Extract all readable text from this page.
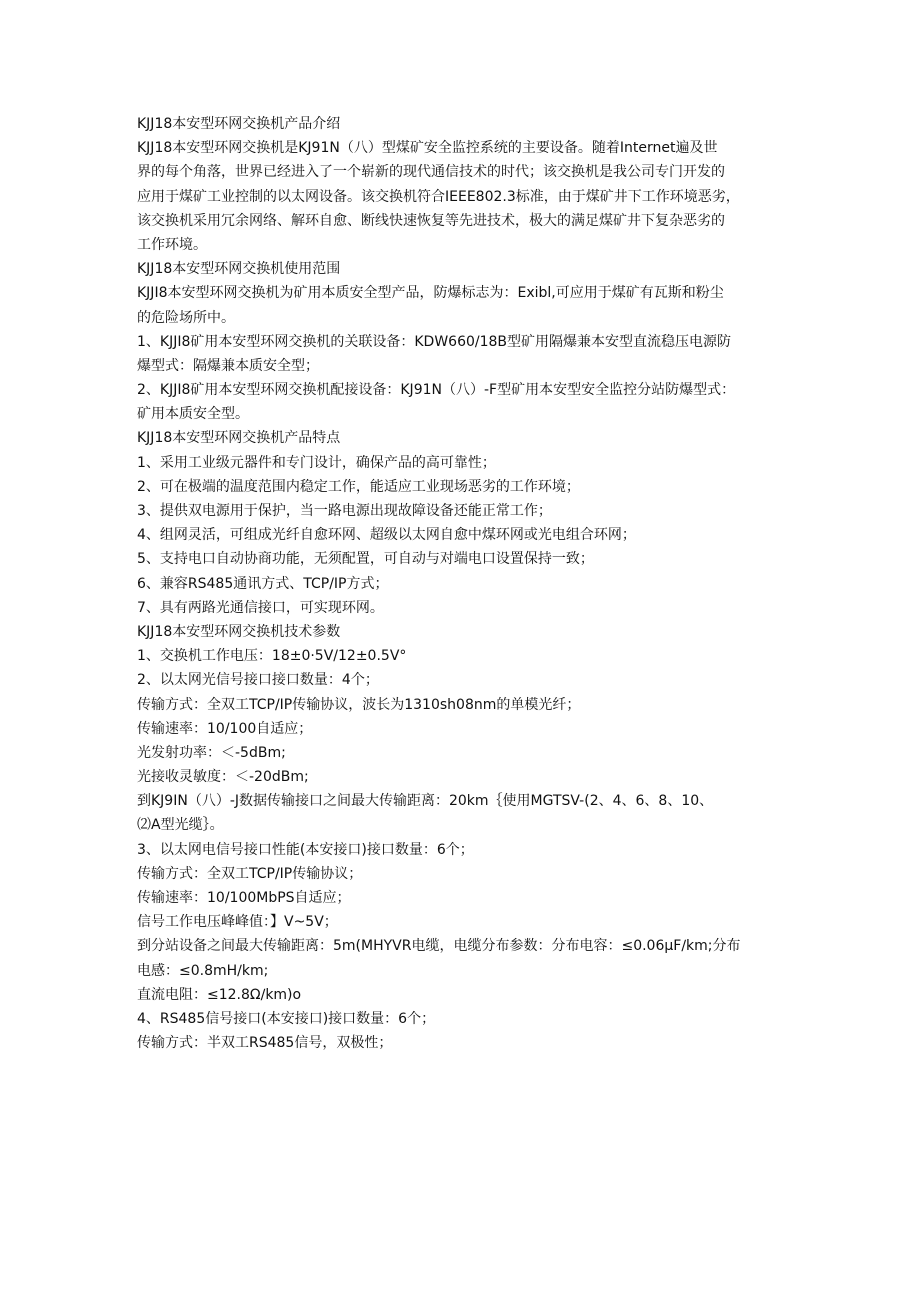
KJJ18本安型环网交换机产品介绍
KJJ18本安型环网交换机是KJ91N（八）型煤矿安全监控系统的主要设备。随着Internet遍及世
界的每个角落，世界已经进入了一个崭新的现代通信技术的时代；该交换机是我公司专门开发的
应用于煤矿工业控制的以太网设备。该交换机符合IEEE802.3标准，由于煤矿井下工作环境恶劣，
该交换机采用冗余网络、解环自愈、断线快速恢复等先进技术，极大的满足煤矿井下复杂恶劣的
工作环境。
KJJ18本安型环网交换机使用范围
KJJI8本安型环网交换机为矿用本质安全型产品，防爆标志为：Exibl,可应用于煤矿有瓦斯和粉尘
的危险场所中。
1、KJJI8矿用本安型环网交换机的关联设备：KDW660/18B型矿用隔爆兼本安型直流稳压电源防
爆型式：隔爆兼本质安全型；
2、KJJI8矿用本安型环网交换机配接设备：KJ91N（八）-F型矿用本安型安全监控分站防爆型式：
矿用本质安全型。
KJJ18本安型环网交换机产品特点
1、采用工业级元器件和专门设计，确保产品的高可靠性；
2、可在极端的温度范围内稳定工作，能适应工业现场恶劣的工作环境；
3、提供双电源用于保护，当一路电源出现故障设备还能正常工作；
4、组网灵活，可组成光纤自愈环网、超级以太网自愈中煤环网或光电组合环网；
5、支持电口自动协商功能，无须配置，可自动与对端电口设置保持一致；
6、兼容RS485通讯方式、TCP/IP方式；
7、具有两路光通信接口，可实现环网。
KJJ18本安型环网交换机技术参数
1、交换机工作电压：18±0·5V/12±0.5V°
2、以太网光信号接口接口数量：4个；
传输方式：全双工TCP/IP传输协议，波长为1310sh08nm的单模光纤；
传输速率：10/100自适应；
光发射功率：＜-5dBm;
光接收灵敏度：＜-20dBm;
到KJ9IN（八）-J数据传输接口之间最大传输距离：20km｛使用MGTSV-(2、4、6、8、10、
⑵A型光缆｝。
3、以太网电信号接口性能(本安接口)接口数量：6个；
传输方式：全双工TCP/IP传输协议；
传输速率：10/100MbPS自适应；
信号工作电压峰峰值：】V~5V；
到分站设备之间最大传输距离：5m(MHYVR电缆，电缆分布参数：分布电容：≤0.06μF∕km;分布
电感：≤0.8mH∕km;
直流电阻：≤12.8Ω∕km)o
4、RS485信号接口(本安接口)接口数量：6个；
传输方式：半双工RS485信号，双极性；
